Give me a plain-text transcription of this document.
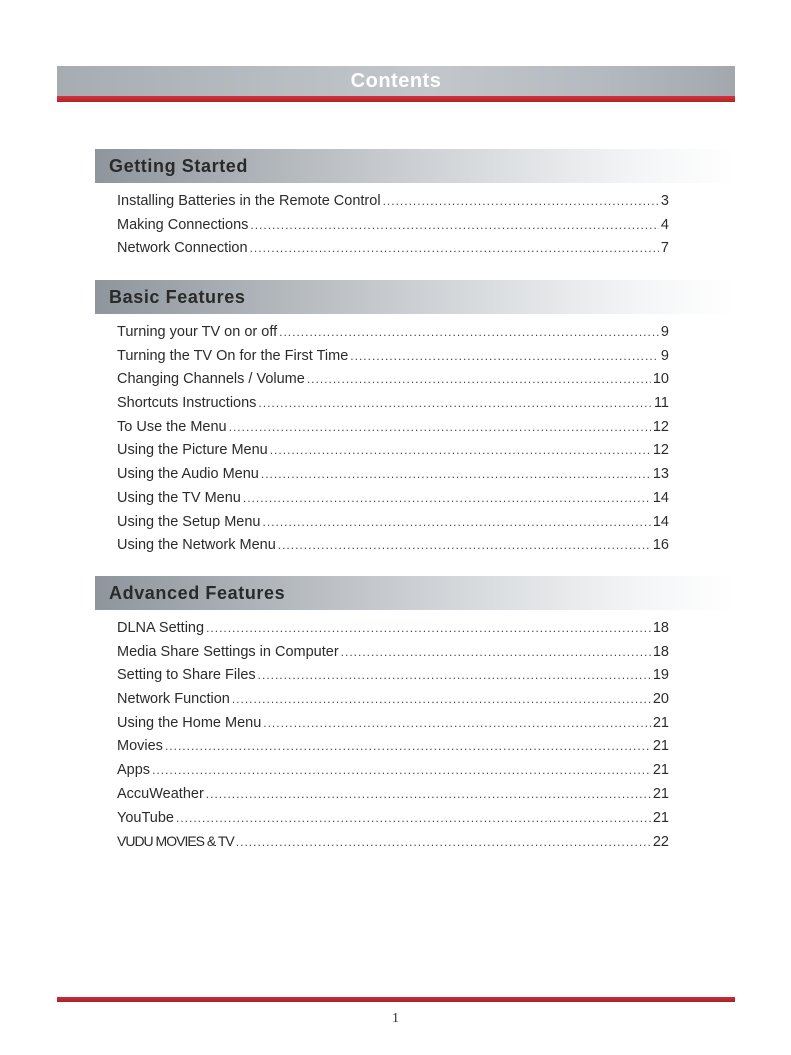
Contents
Getting Started
Installing Batteries in the Remote Control .....	3
Making Connections .....	4
Network Connection .....	7
Basic Features
Turning your TV on or off .....	9
Turning the TV On for the First Time .....	9
Changing Channels / Volume .....	10
Shortcuts Instructions .....	11
To Use the Menu .....	12
Using the Picture Menu .....	12
Using the Audio Menu .....	13
Using the TV Menu .....	14
Using the Setup Menu .....	14
Using the Network Menu .....	16
Advanced Features
DLNA Setting .....	18
Media Share Settings in Computer .....	18
Setting to Share Files .....	19
Network Function .....	20
Using the Home Menu .....	21
Movies .....	21
Apps .....	21
AccuWeather .....	21
YouTube .....	21
VUDU MOVIES & TV .....	22
1
